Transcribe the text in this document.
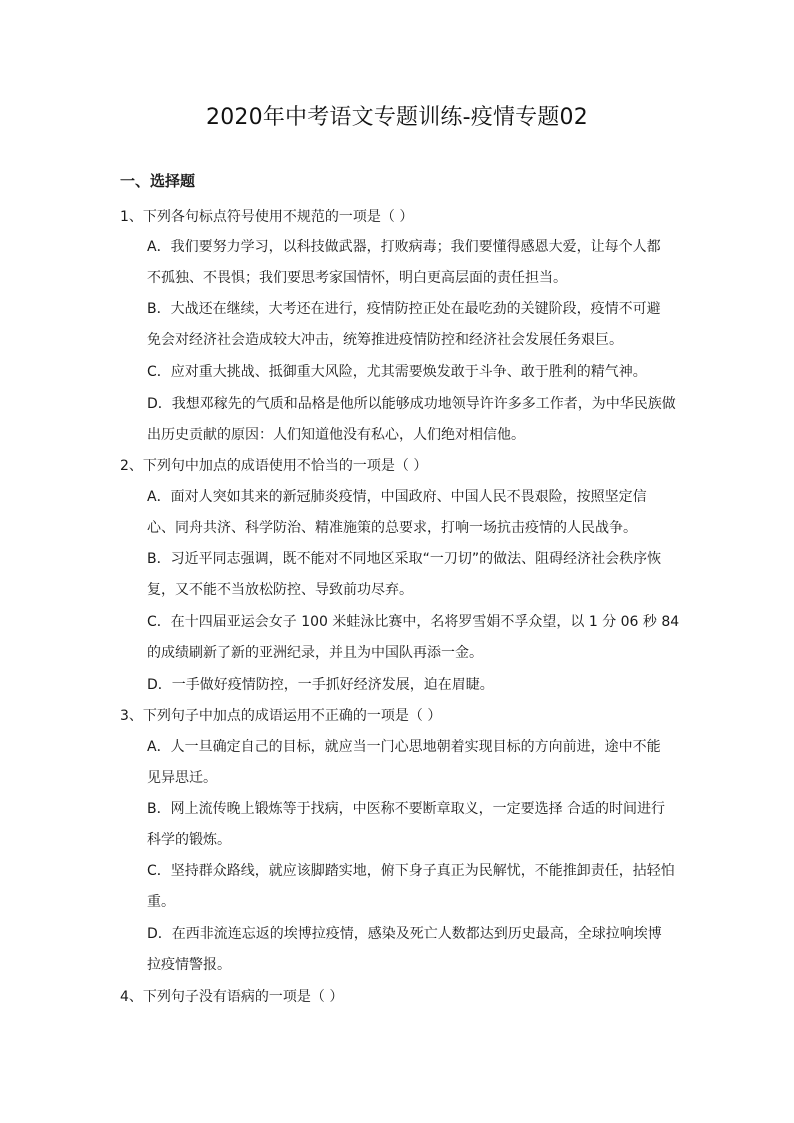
2020年中考语文专题训练-疫情专题02
一、选择题
1、下列各句标点符号使用不规范的一项是（ ）
A．我们要努力学习，以科技做武器，打败病毒；我们要懂得感恩大爱，让每个人都
不孤独、不畏惧；我们要思考家国情怀，明白更高层面的责任担当。
B．大战还在继续，大考还在进行，疫情防控正处在最吃劲的关键阶段，疫情不可避
免会对经济社会造成较大冲击，统筹推进疫情防控和经济社会发展任务艰巨。
C．应对重大挑战、抵御重大风险，尤其需要焕发敢于斗争、敢于胜利的精气神。
D．我想邓稼先的气质和品格是他所以能够成功地领导许许多多工作者，为中华民族做
出历史贡献的原因：人们知道他没有私心，人们绝对相信他。
2、下列句中加点的成语使用不恰当的一项是（ ）
A．面对人突如其来的新冠肺炎疫情，中国政府、中国人民不畏艰险，按照坚定信
心、同舟共济、科学防治、精准施策的总要求，打响一场抗击疫情的人民战争。
B．习近平同志强调，既不能对不同地区采取“一刀切”的做法、阻碍经济社会秩序恢
复，又不能不当放松防控、导致前功尽弃。
C．在十四届亚运会女子 100 米蛙泳比赛中，名将罗雪娟不孚众望，以 1 分 06 秒 84
的成绩刷新了新的亚洲纪录，并且为中国队再添一金。
D．一手做好疫情防控，一手抓好经济发展，迫在眉睫。
3、下列句子中加点的成语运用不正确的一项是（ ）
A．人一旦确定自己的目标，就应当一门心思地朝着实现目标的方向前进，途中不能
见异思迁。
B．网上流传晚上锻炼等于找病，中医称不要断章取义，一定要选择 合适的时间进行
科学的锻炼。
C．坚持群众路线，就应该脚踏实地，俯下身子真正为民解忧，不能推卸责任，拈轻怕
重。
D．在西非流连忘返的埃博拉疫情，感染及死亡人数都达到历史最高，全球拉响埃博
拉疫情警报。
4、下列句子没有语病的一项是（ ）
